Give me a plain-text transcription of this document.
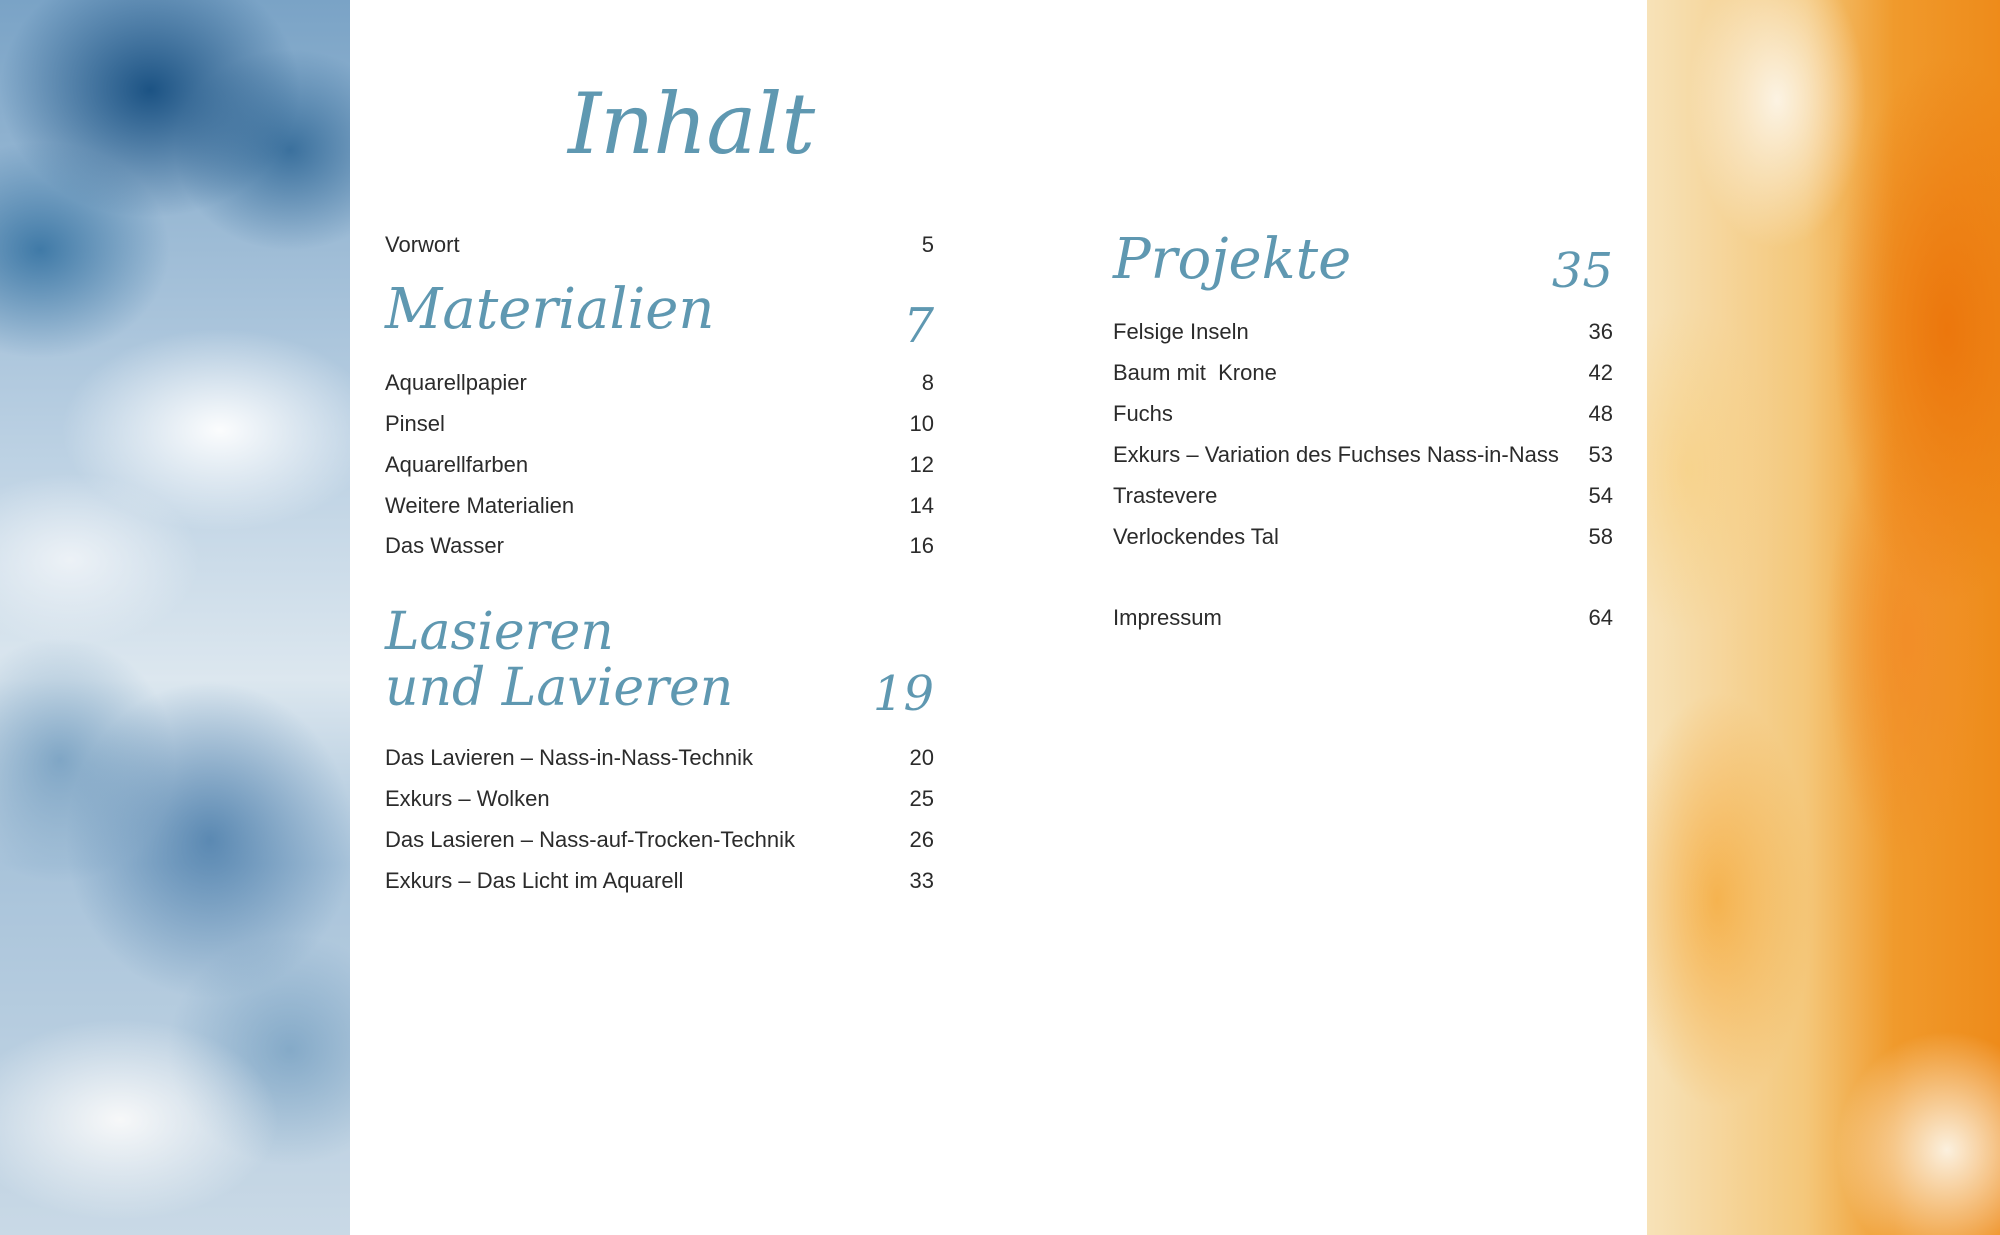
Inhalt
Vorwort	5
Materialien	7
Aquarellpapier	8
Pinsel	10
Aquarellfarben	12
Weitere Materialien	14
Das Wasser	16
Lasieren
und Lavieren	19
Das Lavieren – Nass-in-Nass-Technik	20
Exkurs – Wolken	25
Das Lasieren – Nass-auf-Trocken-Technik	26
Exkurs – Das Licht im Aquarell	33
Projekte	35
Felsige Inseln	36
Baum mit  Krone	42
Fuchs	48
Exkurs – Variation des Fuchses Nass-in-Nass 53
Trastevere	54
Verlockendes Tal	58
Impressum	64
